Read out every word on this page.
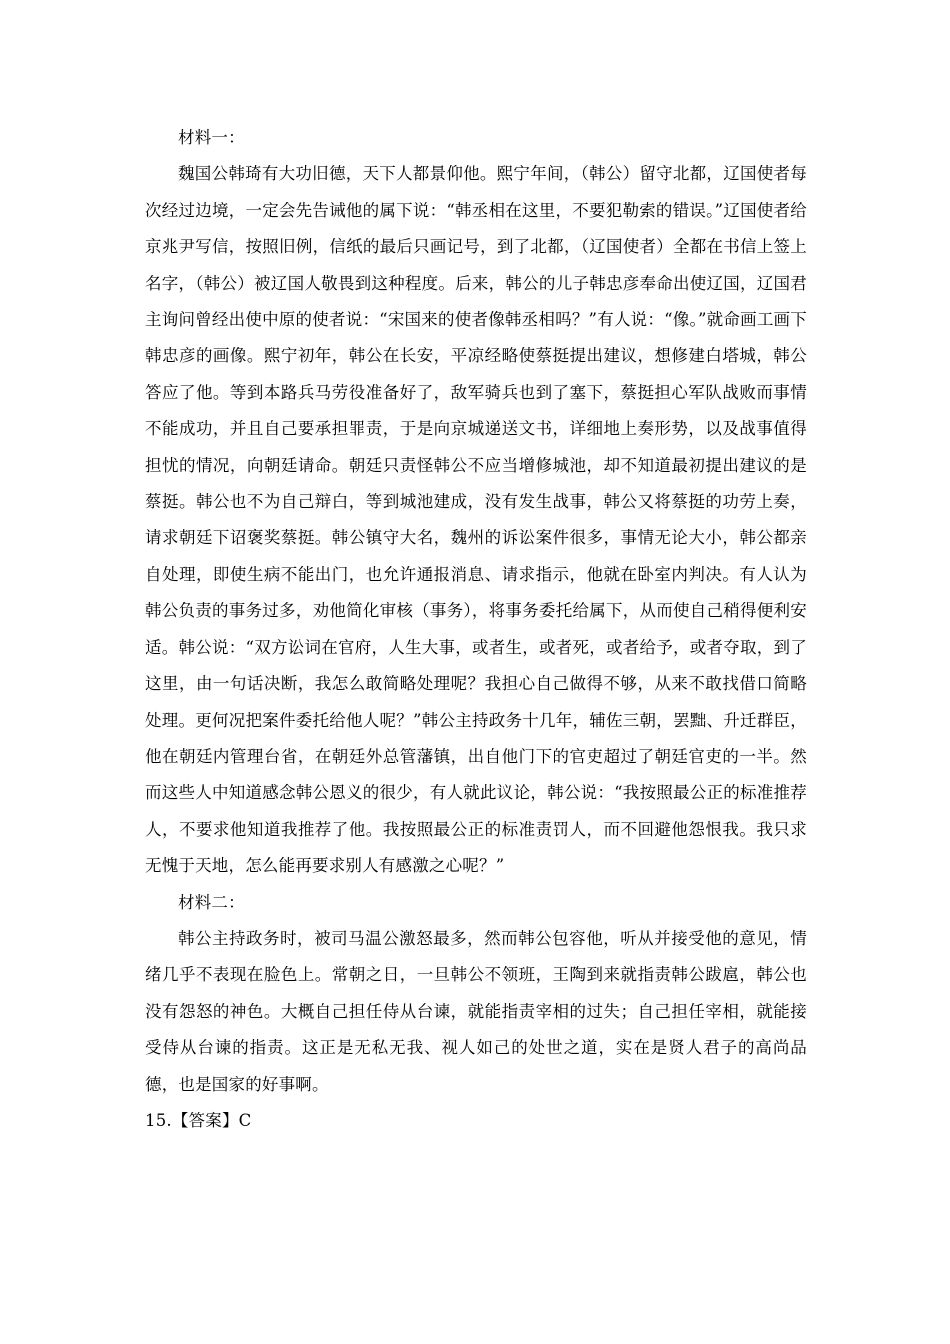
材料一：

魏国公韩琦有大功旧德，天下人都景仰他。熙宁年间，（韩公）留守北都，辽国使者每次经过边境，一定会先告诫他的属下说：“韩丞相在这里，不要犯勒索的错误。”辽国使者给京兆尹写信，按照旧例，信纸的最后只画记号，到了北都，（辽国使者）全都在书信上签上名字，（韩公）被辽国人敬畏到这种程度。后来，韩公的儿子韩忠彦奉命出使辽国，辽国君主询问曾经出使中原的使者说：“宋国来的使者像韩丞相吗？”有人说：“像。”就命画工画下韩忠彦的画像。熙宁初年，韩公在长安，平凉经略使蔡挺提出建议，想修建白塔城，韩公答应了他。等到本路兵马劳役准备好了，敌军骑兵也到了塞下，蔡挺担心军队战败而事情不能成功，并且自己要承担罪责，于是向京城递送文书，详细地上奏形势，以及战事值得担忧的情况，向朝廷请命。朝廷只责怪韩公不应当增修城池，却不知道最初提出建议的是蔡挺。韩公也不为自己辩白，等到城池建成，没有发生战事，韩公又将蔡挺的功劳上奏，请求朝廷下诏褒奖蔡挺。韩公镇守大名，魏州的诉讼案件很多，事情无论大小，韩公都亲自处理，即使生病不能出门，也允许通报消息、请求指示，他就在卧室内判决。有人认为韩公负责的事务过多，劝他简化审核（事务），将事务委托给属下，从而使自己稍得便利安适。韩公说：“双方讼词在官府，人生大事，或者生，或者死，或者给予，或者夺取，到了这里，由一句话决断，我怎么敢简略处理呢？我担心自己做得不够，从来不敢找借口简略处理。更何况把案件委托给他人呢？”韩公主持政务十几年，辅佐三朝，罢黜、升迁群臣，他在朝廷内管理台省，在朝廷外总管藩镇，出自他门下的官吏超过了朝廷官吏的一半。然而这些人中知道感念韩公恩义的很少，有人就此议论，韩公说：“我按照最公正的标准推荐人，不要求他知道我推荐了他。我按照最公正的标准责罚人，而不回避他怨恨我。我只求无愧于天地，怎么能再要求别人有感激之心呢？”

材料二：

韩公主持政务时，被司马温公激怒最多，然而韩公包容他，听从并接受他的意见，情绪几乎不表现在脸色上。常朝之日，一旦韩公不领班，王陶到来就指责韩公跋扈，韩公也没有怨怒的神色。大概自己担任侍从台谏，就能指责宰相的过失；自己担任宰相，就能接受侍从台谏的指责。这正是无私无我、视人如己的处世之道，实在是贤人君子的高尚品德，也是国家的好事啊。

15.【答案】C
